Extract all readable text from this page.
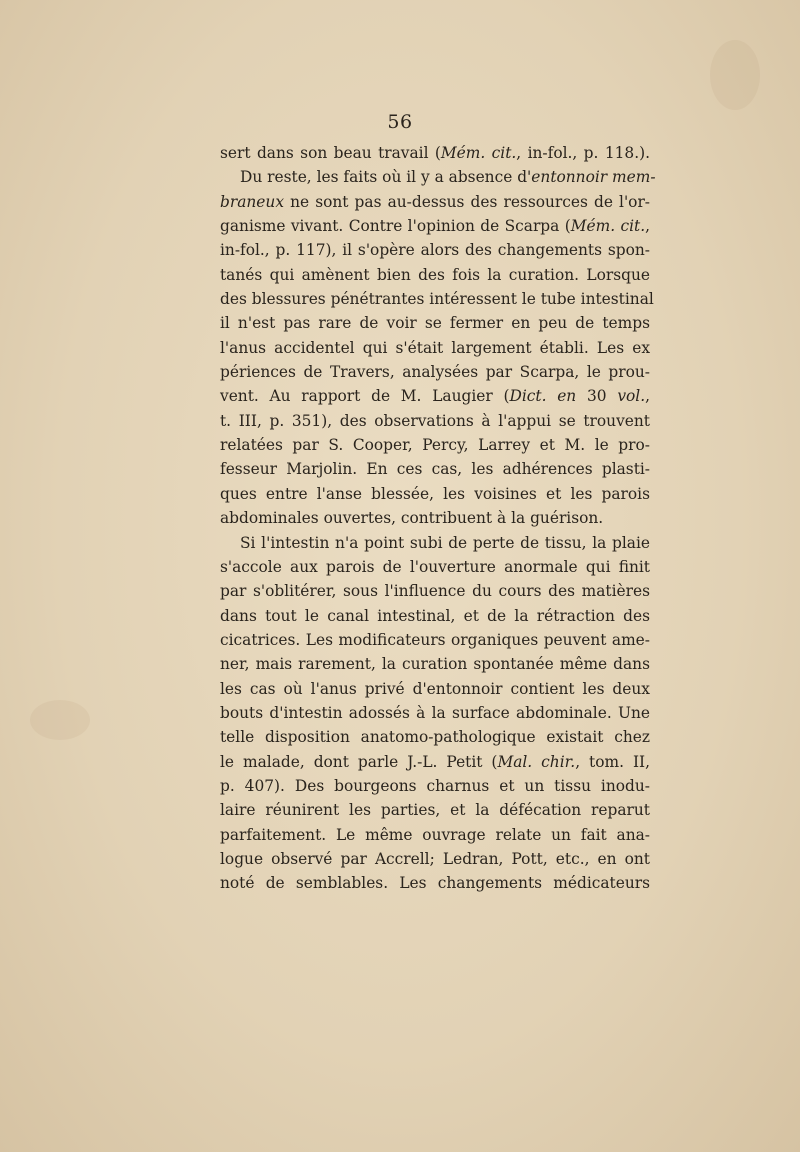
56
sert dans son beau travail (Mém. cit., in-fol., p. 118.).
Du reste, les faits où il y a absence d'entonnoir mem-
braneux ne sont pas au-dessus des ressources de l'or-
ganisme vivant. Contre l'opinion de Scarpa (Mém. cit.,
in-fol., p. 117), il s'opère alors des changements spon-
tanés qui amènent bien des fois la curation. Lorsque
des blessures pénétrantes intéressent le tube intestinal
il n'est pas rare de voir se fermer en peu de temps
l'anus accidentel qui s'était largement établi. Les ex
périences de Travers, analysées par Scarpa, le prou-
vent. Au rapport de M. Laugier (Dict. en 30 vol.,
t. III, p. 351), des observations à l'appui se trouvent
relatées par S. Cooper, Percy, Larrey et M. le pro-
fesseur Marjolin. En ces cas, les adhérences plasti-
ques entre l'anse blessée, les voisines et les parois
abdominales ouvertes, contribuent à la guérison.
Si l'intestin n'a point subi de perte de tissu, la plaie
s'accole aux parois de l'ouverture anormale qui finit
par s'oblitérer, sous l'influence du cours des matières
dans tout le canal intestinal, et de la rétraction des
cicatrices. Les modificateurs organiques peuvent ame-
ner, mais rarement, la curation spontanée même dans
les cas où l'anus privé d'entonnoir contient les deux
bouts d'intestin adossés à la surface abdominale. Une
telle disposition anatomo-pathologique existait chez
le malade, dont parle J.-L. Petit (Mal. chir., tom. II,
p. 407). Des bourgeons charnus et un tissu inodu-
laire réunirent les parties, et la défécation reparut
parfaitement. Le même ouvrage relate un fait ana-
logue observé par Accrell; Ledran, Pott, etc., en ont
noté de semblables. Les changements médicateurs
